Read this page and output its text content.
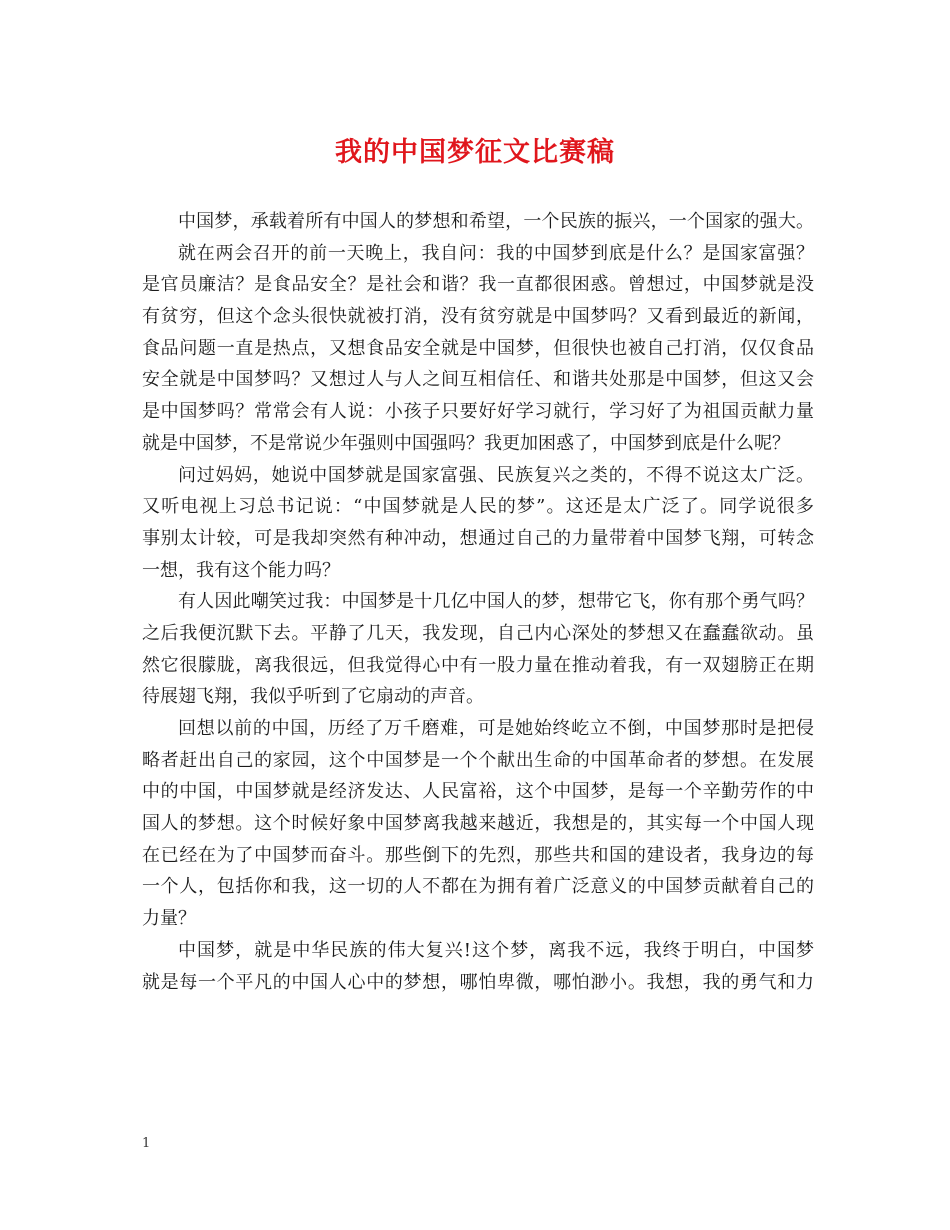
我的中国梦征文比赛稿
中国梦，承载着所有中国人的梦想和希望，一个民族的振兴，一个国家的强大。
就在两会召开的前一天晚上，我自问：我的中国梦到底是什么？是国家富强？
是官员廉洁？是食品安全？是社会和谐？我一直都很困惑。曾想过，中国梦就是没
有贫穷，但这个念头很快就被打消，没有贫穷就是中国梦吗？又看到最近的新闻，
食品问题一直是热点，又想食品安全就是中国梦，但很快也被自己打消，仅仅食品
安全就是中国梦吗？又想过人与人之间互相信任、和谐共处那是中国梦，但这又会
是中国梦吗？常常会有人说：小孩子只要好好学习就行，学习好了为祖国贡献力量
就是中国梦，不是常说少年强则中国强吗？我更加困惑了，中国梦到底是什么呢？
问过妈妈，她说中国梦就是国家富强、民族复兴之类的，不得不说这太广泛。
又听电视上习总书记说：“中国梦就是人民的梦”。这还是太广泛了。同学说很多
事别太计较，可是我却突然有种冲动，想通过自己的力量带着中国梦飞翔，可转念
一想，我有这个能力吗？
有人因此嘲笑过我：中国梦是十几亿中国人的梦，想带它飞，你有那个勇气吗？
之后我便沉默下去。平静了几天，我发现，自己内心深处的梦想又在蠢蠢欲动。虽
然它很朦胧，离我很远，但我觉得心中有一股力量在推动着我，有一双翅膀正在期
待展翅飞翔，我似乎听到了它扇动的声音。
回想以前的中国，历经了万千磨难，可是她始终屹立不倒，中国梦那时是把侵
略者赶出自己的家园，这个中国梦是一个个献出生命的中国革命者的梦想。在发展
中的中国，中国梦就是经济发达、人民富裕，这个中国梦，是每一个辛勤劳作的中
国人的梦想。这个时候好象中国梦离我越来越近，我想是的，其实每一个中国人现
在已经在为了中国梦而奋斗。那些倒下的先烈，那些共和国的建设者，我身边的每
一个人，包括你和我，这一切的人不都在为拥有着广泛意义的中国梦贡献着自己的
力量？
中国梦，就是中华民族的伟大复兴!这个梦，离我不远，我终于明白，中国梦
就是每一个平凡的中国人心中的梦想，哪怕卑微，哪怕渺小。我想，我的勇气和力
1
